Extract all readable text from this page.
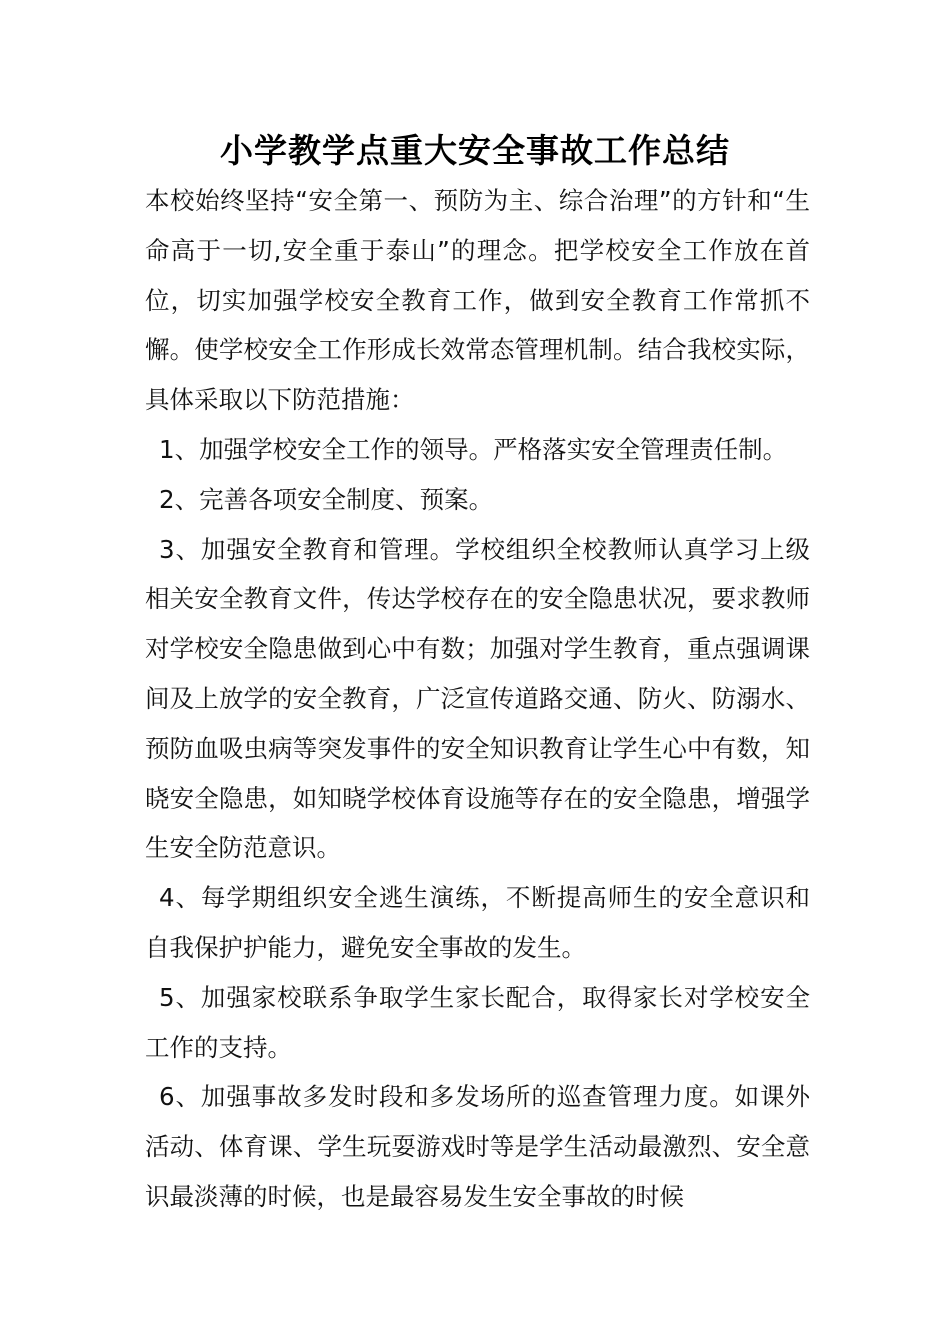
小学教学点重大安全事故工作总结

本校始终坚持“安全第一、预防为主、综合治理”的方针和“生命高于一切,安全重于泰山”的理念。把学校安全工作放在首位，切实加强学校安全教育工作，做到安全教育工作常抓不懈。使学校安全工作形成长效常态管理机制。结合我校实际，具体采取以下防范措施：

1、加强学校安全工作的领导。严格落实安全管理责任制。

2、完善各项安全制度、预案。

3、加强安全教育和管理。学校组织全校教师认真学习上级相关安全教育文件，传达学校存在的安全隐患状况，要求教师对学校安全隐患做到心中有数；加强对学生教育，重点强调课间及上放学的安全教育，广泛宣传道路交通、防火、防溺水、预防血吸虫病等突发事件的安全知识教育让学生心中有数，知晓安全隐患，如知晓学校体育设施等存在的安全隐患，增强学生安全防范意识。

4、每学期组织安全逃生演练，不断提高师生的安全意识和自我保护护能力，避免安全事故的发生。

5、加强家校联系争取学生家长配合，取得家长对学校安全工作的支持。

6、加强事故多发时段和多发场所的巡查管理力度。如课外活动、体育课、学生玩耍游戏时等是学生活动最激烈、安全意识最淡薄的时候，也是最容易发生安全事故的时候
